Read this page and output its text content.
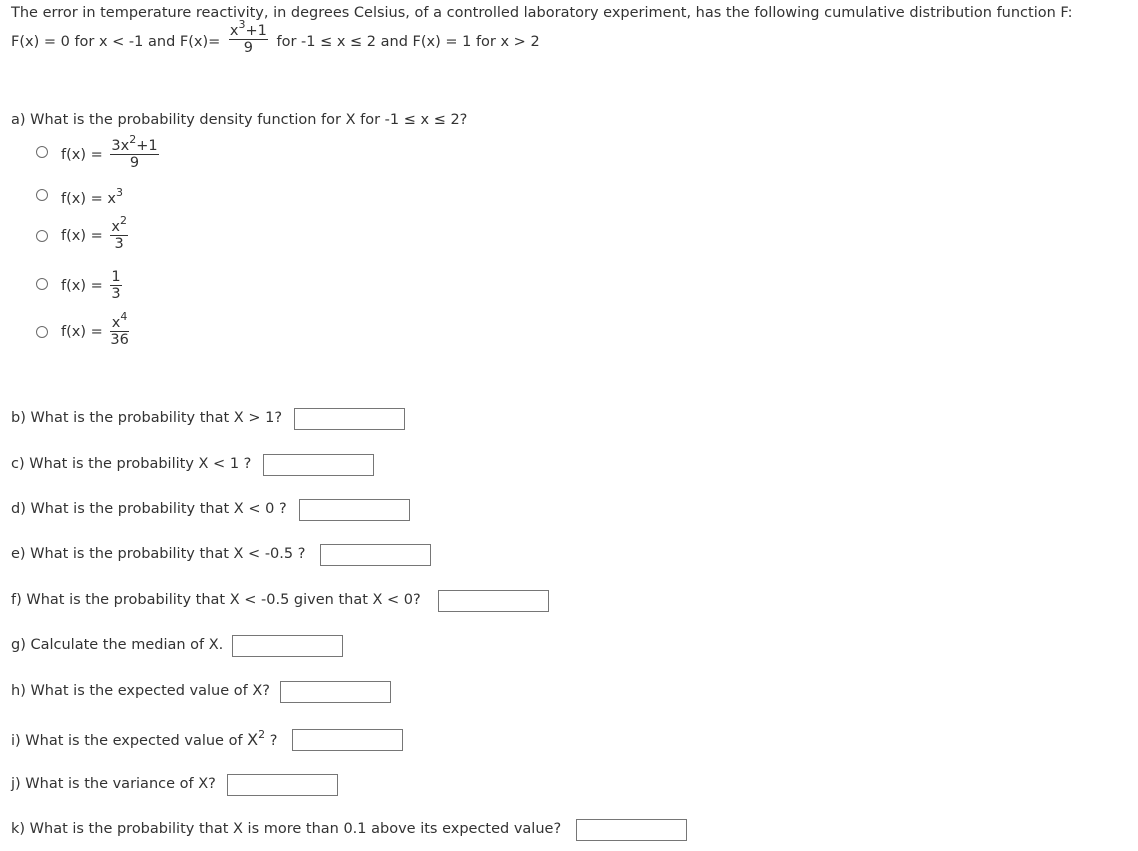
The error in temperature reactivity, in degrees Celsius, of a controlled laboratory experiment, has the following cumulative distribution function F:
F(x) = 0 for x < -1 and $F(x)= \frac{x^3+1}{9}$ for -1 ≤ x ≤ 2 and F(x) = 1 for x > 2
a) What is the probability density function for X for -1 ≤ x ≤ 2?
$f(x) = \frac{3x^2+1}{9}$
$f(x) = x^3$
$f(x) = \frac{x^2}{3}$
$f(x) = \frac{1}{3}$
$f(x) = \frac{x^4}{36}$
b) What is the probability that X > 1?
c) What is the probability X < 1 ?
d) What is the probability that X < 0 ?
e) What is the probability that X < -0.5 ?
f) What is the probability that X < -0.5 given that X < 0?
g) Calculate the median of X.
h) What is the expected value of X?
i) What is the expected value of $X^2$ ?
j) What is the variance of X?
k) What is the probability that X is more than 0.1 above its expected value?
